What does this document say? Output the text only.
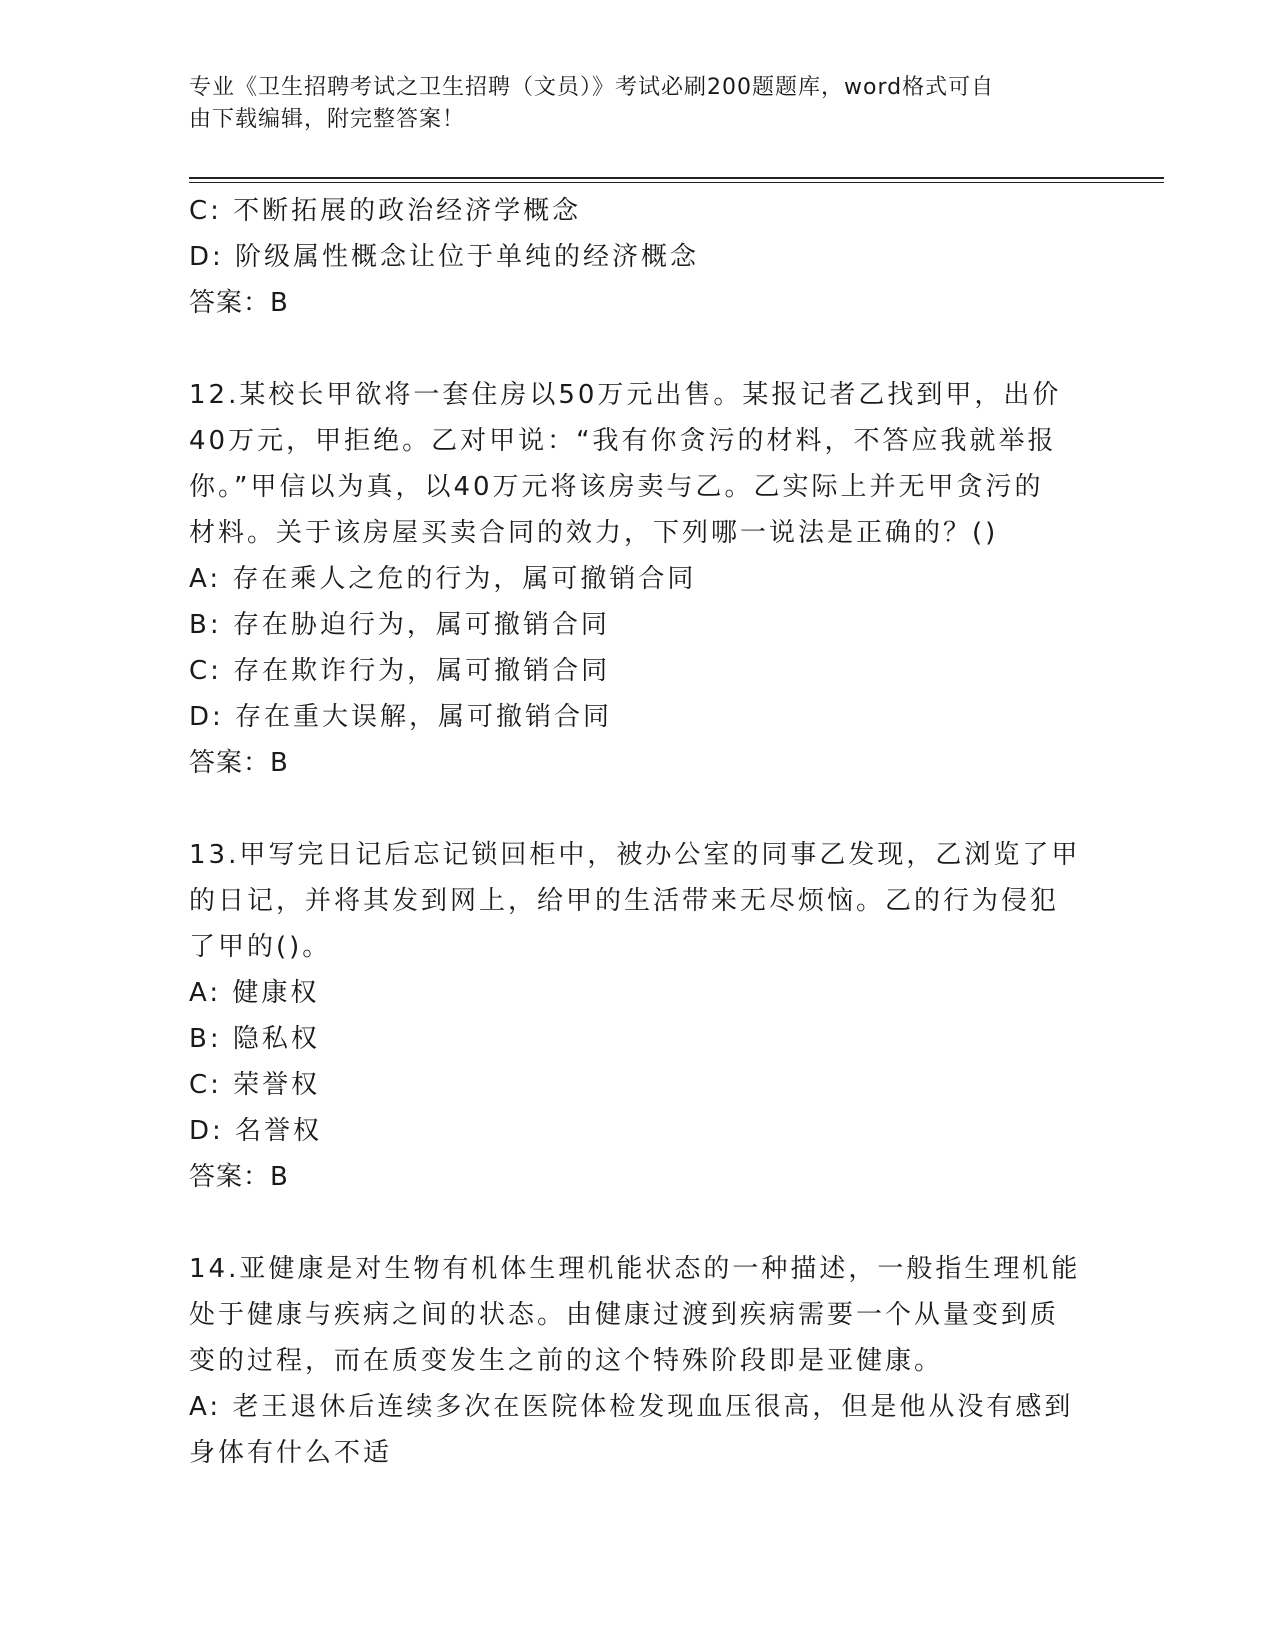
专业《卫生招聘考试之卫生招聘（文员）》考试必刷200题题库，word格式可自
由下载编辑，附完整答案！
C: 不断拓展的政治经济学概念
D: 阶级属性概念让位于单纯的经济概念
答案：B
12.某校长甲欲将一套住房以50万元出售。某报记者乙找到甲，出价
40万元，甲拒绝。乙对甲说：“我有你贪污的材料，不答应我就举报
你。”甲信以为真，以40万元将该房卖与乙。乙实际上并无甲贪污的
材料。关于该房屋买卖合同的效力，下列哪一说法是正确的？()
A: 存在乘人之危的行为，属可撤销合同
B: 存在胁迫行为，属可撤销合同
C: 存在欺诈行为，属可撤销合同
D: 存在重大误解，属可撤销合同
答案：B
13.甲写完日记后忘记锁回柜中，被办公室的同事乙发现，乙浏览了甲
的日记，并将其发到网上，给甲的生活带来无尽烦恼。乙的行为侵犯
了甲的()。
A: 健康权
B: 隐私权
C: 荣誉权
D: 名誉权
答案：B
14.亚健康是对生物有机体生理机能状态的一种描述，一般指生理机能
处于健康与疾病之间的状态。由健康过渡到疾病需要一个从量变到质
变的过程，而在质变发生之前的这个特殊阶段即是亚健康。
A: 老王退休后连续多次在医院体检发现血压很高，但是他从没有感到
身体有什么不适
